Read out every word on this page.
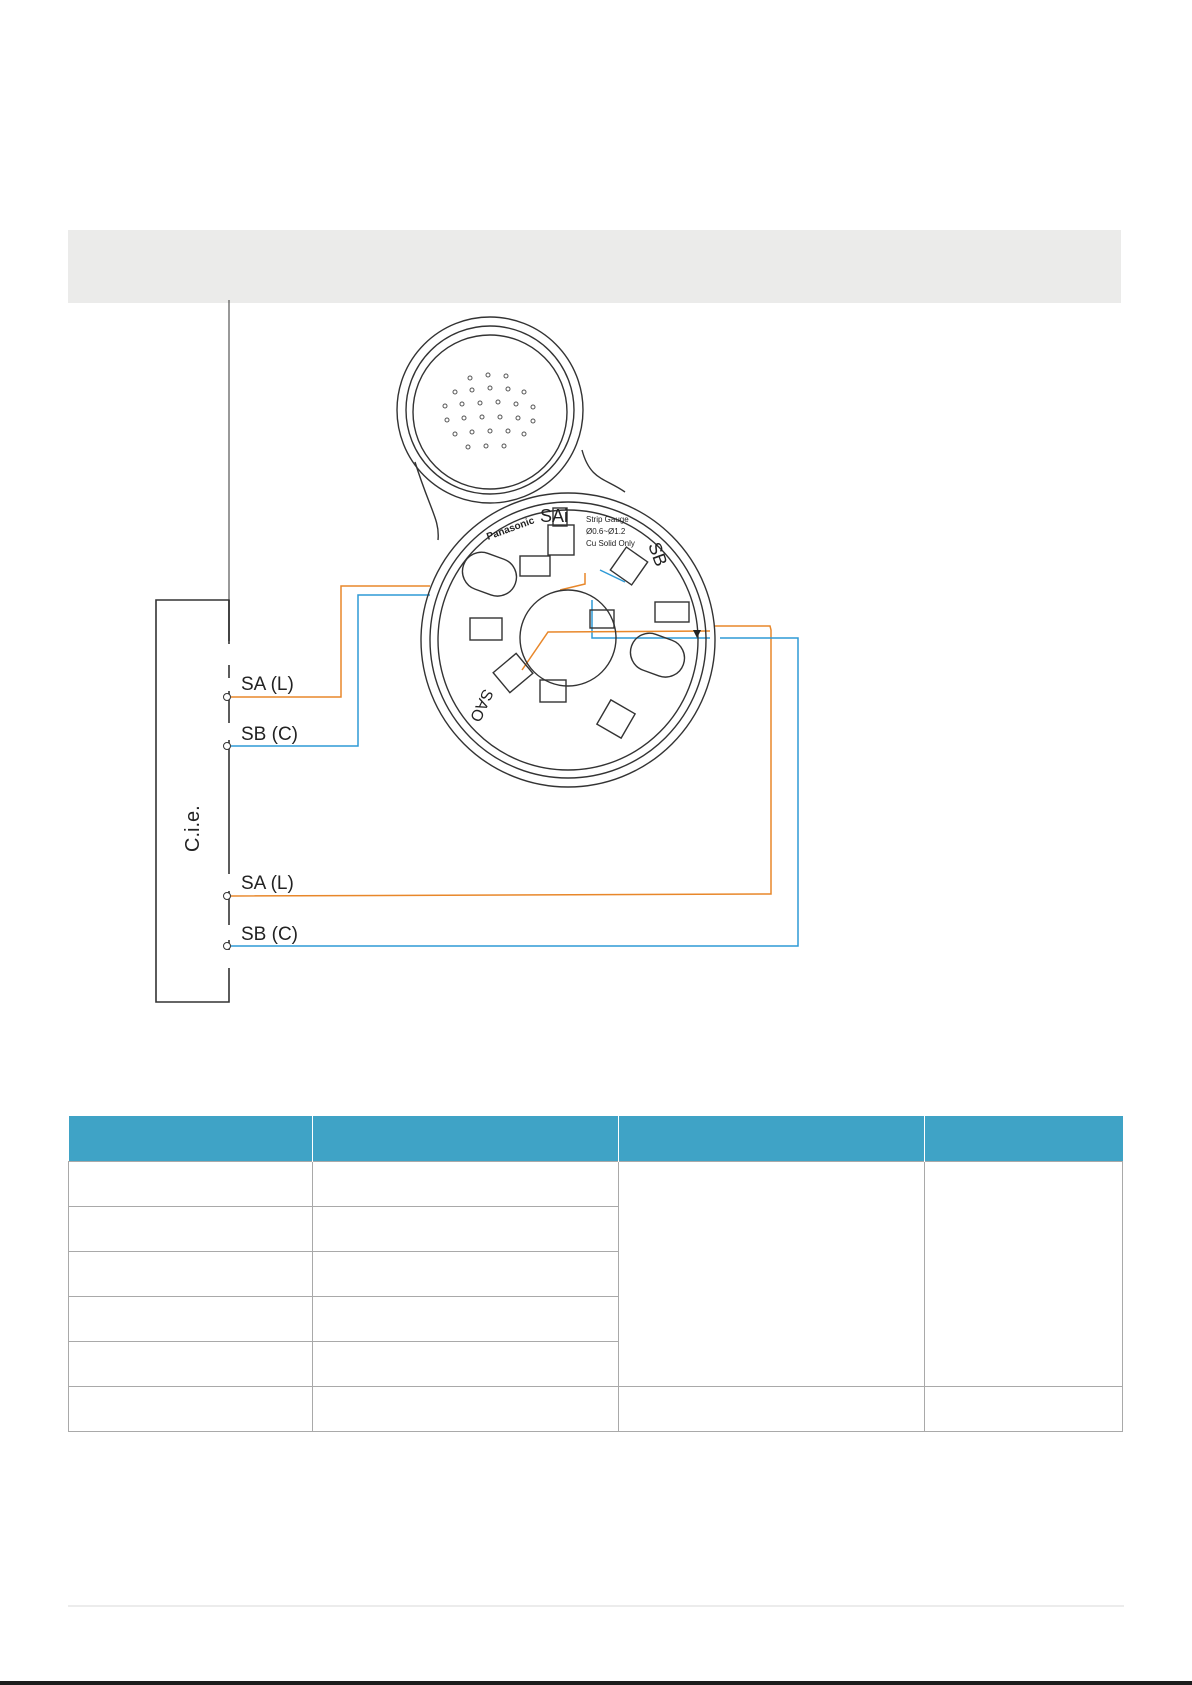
C.i.e.
SA (L)
SB (C)
SA (L)
SB (C)
SAi
SB
SAO
Panasonic	Strip Gauge
Ø0.6~Ø1.2
Cu Solid Only
